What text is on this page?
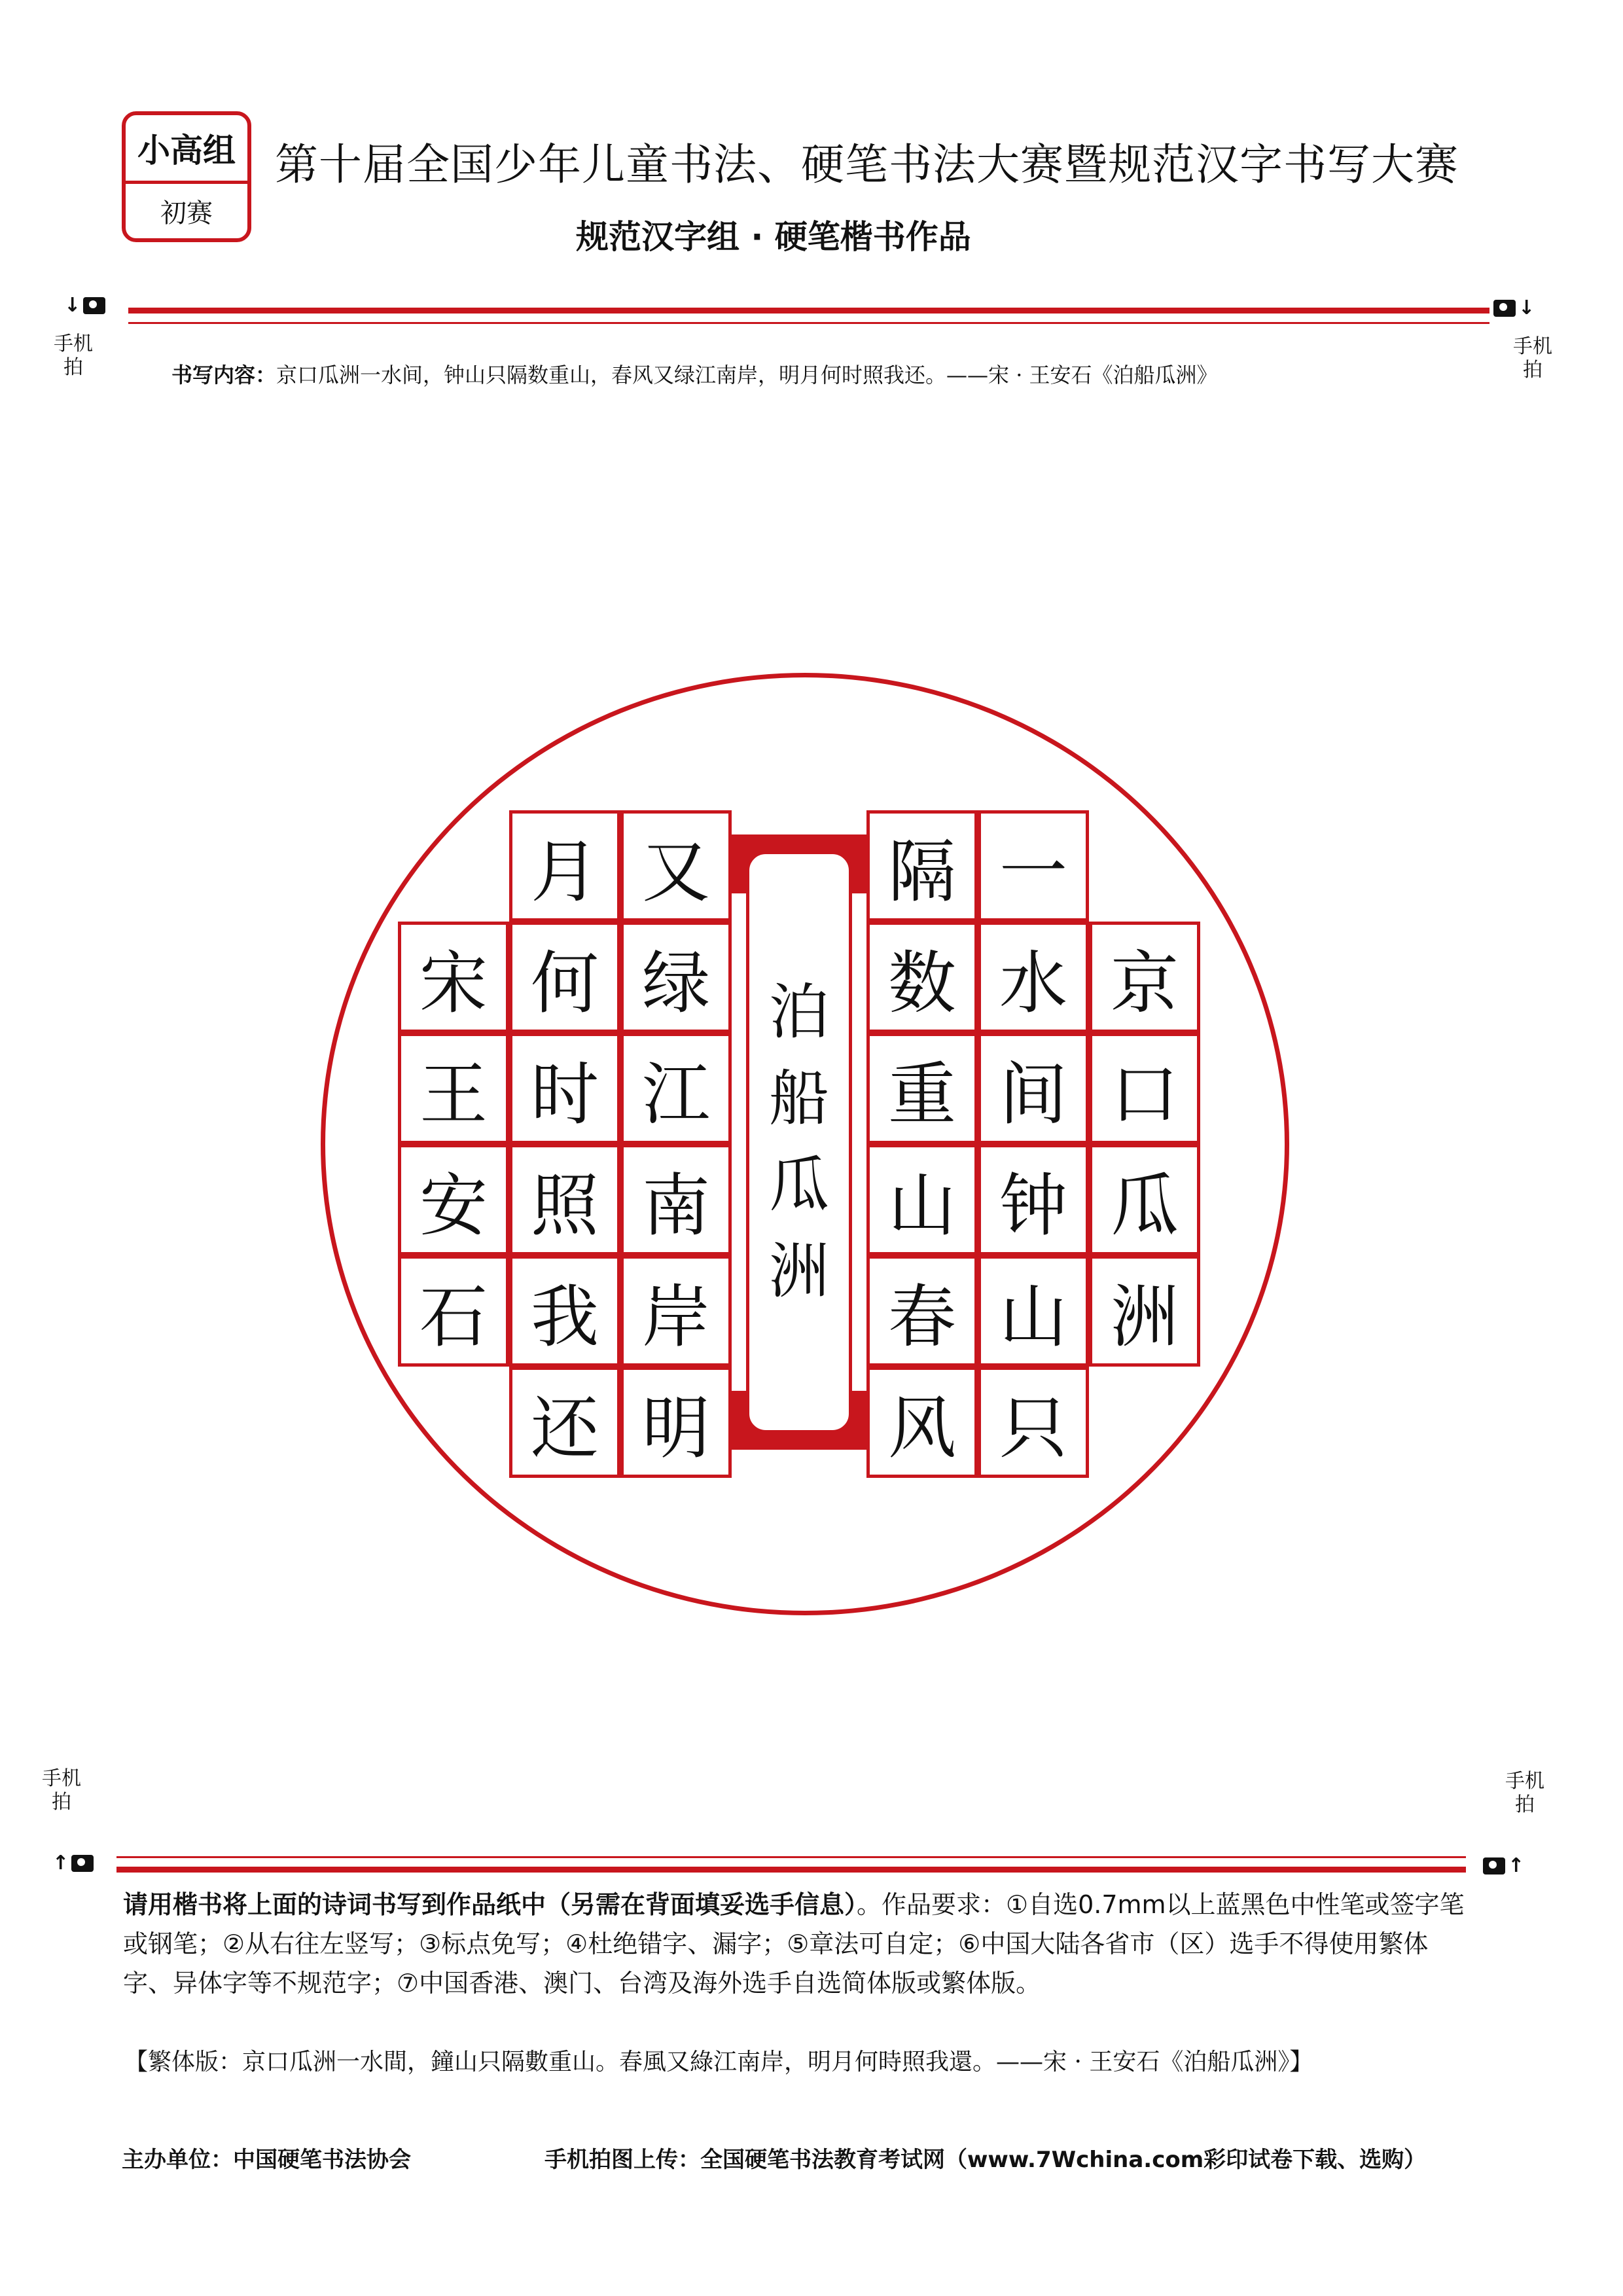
小高组
初赛
第十届全国少年儿童书法、硬笔书法大赛暨规范汉字书写大赛
规范汉字组 · 硬笔楷书作品
↓
手机拍
↓
手机拍
书写内容：京口瓜洲一水间，钟山只隔数重山，春风又绿江南岸，明月何时照我还。——宋 · 王安石《泊船瓜洲》
京
口
瓜
洲
一
水
间
钟
山
只
隔
数
重
山
春
风
又
绿
江
南
岸
明
月
何
时
照
我
还
宋
王
安
石
泊
船
瓜
洲
手机拍
↑
手机拍
↑
请用楷书将上面的诗词书写到作品纸中（另需在背面填妥选手信息）。作品要求：①自选0.7mm以上蓝黑色中性笔或签字笔或钢笔；②从右往左竖写；③标点免写；④杜绝错字、漏字；⑤章法可自定；⑥中国大陆各省市（区）选手不得使用繁体字、异体字等不规范字；⑦中国香港、澳门、台湾及海外选手自选简体版或繁体版。
【繁体版：京口瓜洲一水間，鐘山只隔數重山。春風又綠江南岸，明月何時照我還。——宋 · 王安石《泊船瓜洲》】
主办单位：中国硬笔书法协会	手机拍图上传：全国硬笔书法教育考试网（www.7Wchina.com彩印试卷下载、选购）
